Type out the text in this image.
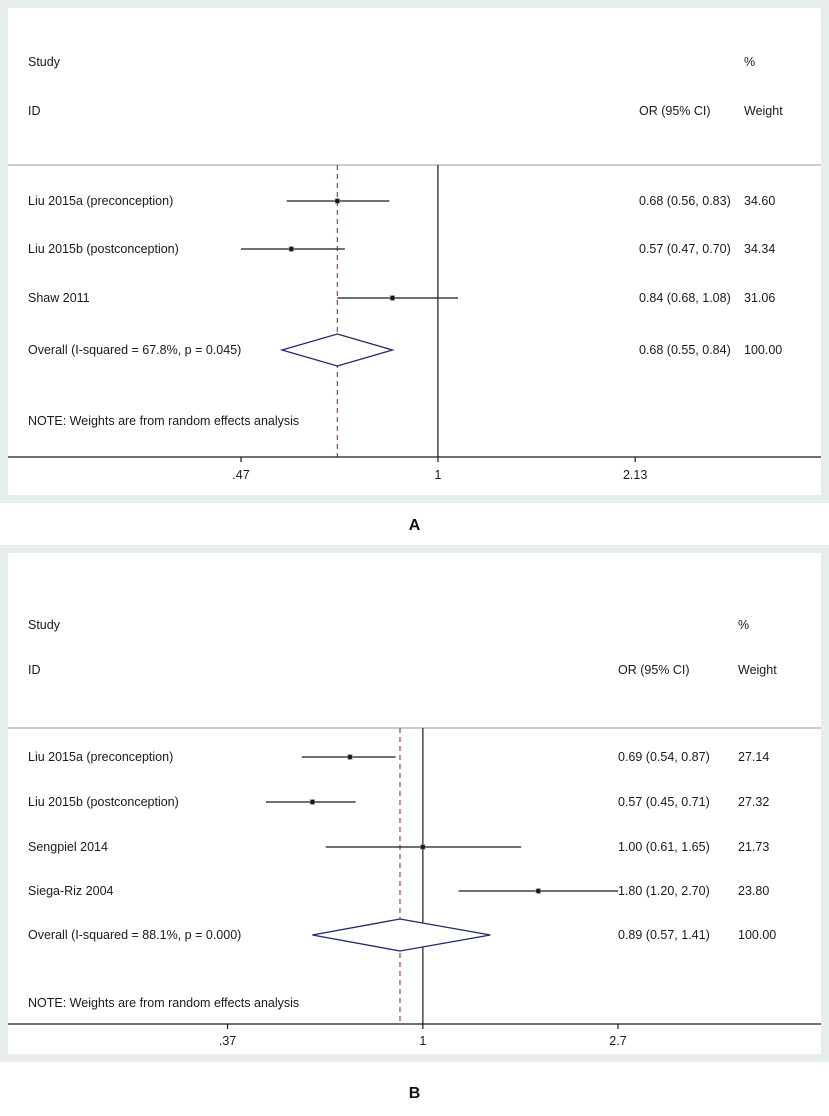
Study
ID	OR (95% CI)
%
Weight
Liu 2015a (preconception)	0.68 (0.56, 0.83) 34.60
Liu 2015b (postconception)	0.57 (0.47, 0.70) 34.34
Shaw 2011	0.84 (0.68, 1.08) 31.06
Overall (I-squared = 67.8%, p = 0.045)	0.68 (0.55, 0.84) 100.00
NOTE: Weights are from random effects analysis
.47	1	2.13
A
Study
ID	OR (95% CI)
%
Weight
Liu 2015a (preconception)	0.69 (0.54, 0.87) 27.14
Liu 2015b (postconception)	0.57 (0.45, 0.71) 27.32
Sengpiel 2014	1.00 (0.61, 1.65) 21.73
Siega-Riz 2004	1.80 (1.20, 2.70) 23.80
Overall (I-squared = 88.1%, p = 0.000)	0.89 (0.57, 1.41) 100.00
NOTE: Weights are from random effects analysis
.37	1	2.7
B
